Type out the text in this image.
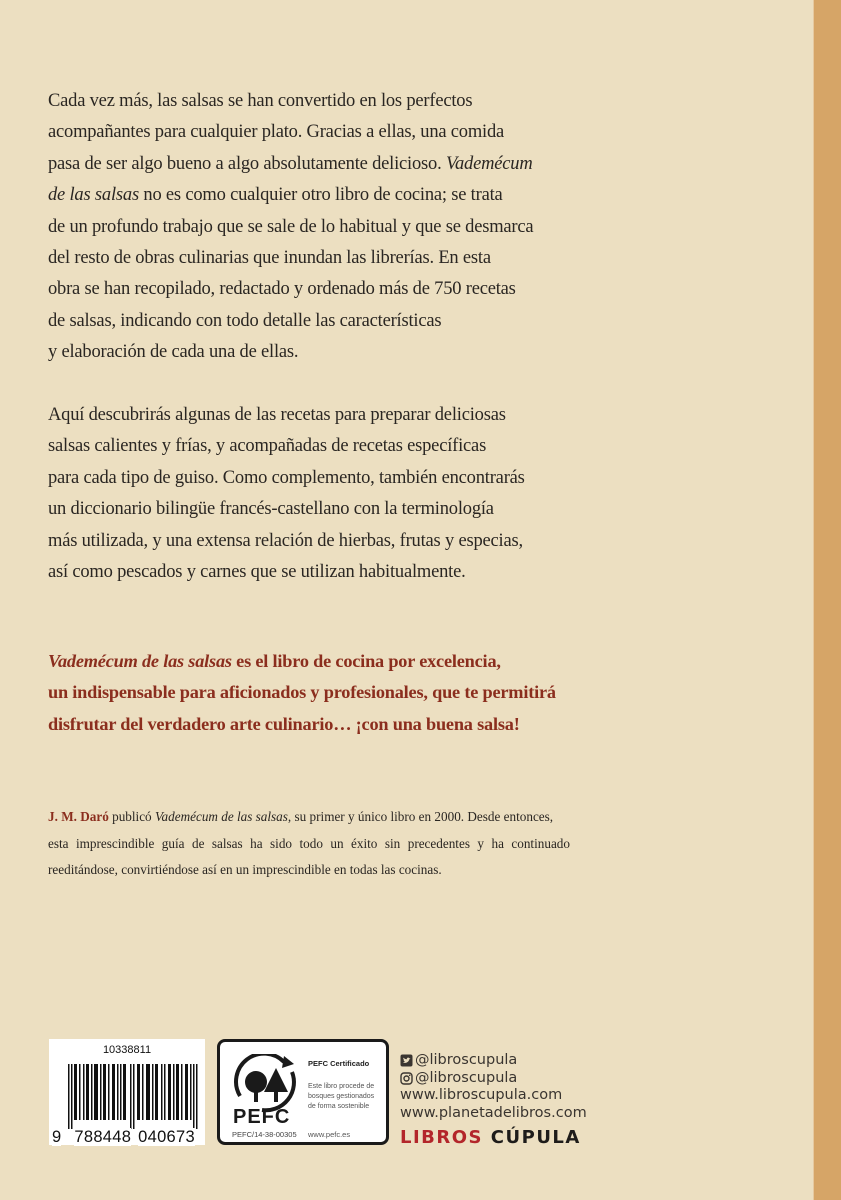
Cada vez más, las salsas se han convertido en los perfectos

acompañantes para cualquier plato. Gracias a ellas, una comida

pasa de ser algo bueno a algo absolutamente delicioso. Vademécum

de las salsas no es como cualquier otro libro de cocina; se trata

de un profundo trabajo que se sale de lo habitual y que se desmarca

del resto de obras culinarias que inundan las librerías. En esta

obra se han recopilado, redactado y ordenado más de 750 recetas

de salsas, indicando con todo detalle las características

y elaboración de cada una de ellas.

Aquí descubrirás algunas de las recetas para preparar deliciosas

salsas calientes y frías, y acompañadas de recetas específicas

para cada tipo de guiso. Como complemento, también encontrarás

un diccionario bilingüe francés-castellano con la terminología

más utilizada, y una extensa relación de hierbas, frutas y especias,

así como pescados y carnes que se utilizan habitualmente.

Vademécum de las salsas es el libro de cocina por excelencia,

un indispensable para aficionados y profesionales, que te permitirá

disfrutar del verdadero arte culinario… ¡con una buena salsa!

J. M. Daró publicó Vademécum de las salsas, su primer y único libro en 2000. Desde entonces,

esta imprescindible guía de salsas ha sido todo un éxito sin precedentes y ha continuado

reeditándose, convirtiéndose así en un imprescindible en todas las cocinas.

10338811
9 788448 040673
PEFC
PEFC/14-38-00305
PEFC Certificado
Este libro procede de
bosques gestionados
de forma sostenible
www.pefc.es
@libroscupula
@libroscupula
www.libroscupula.com
www.planetadelibros.com
LIBROS CÚPULA
